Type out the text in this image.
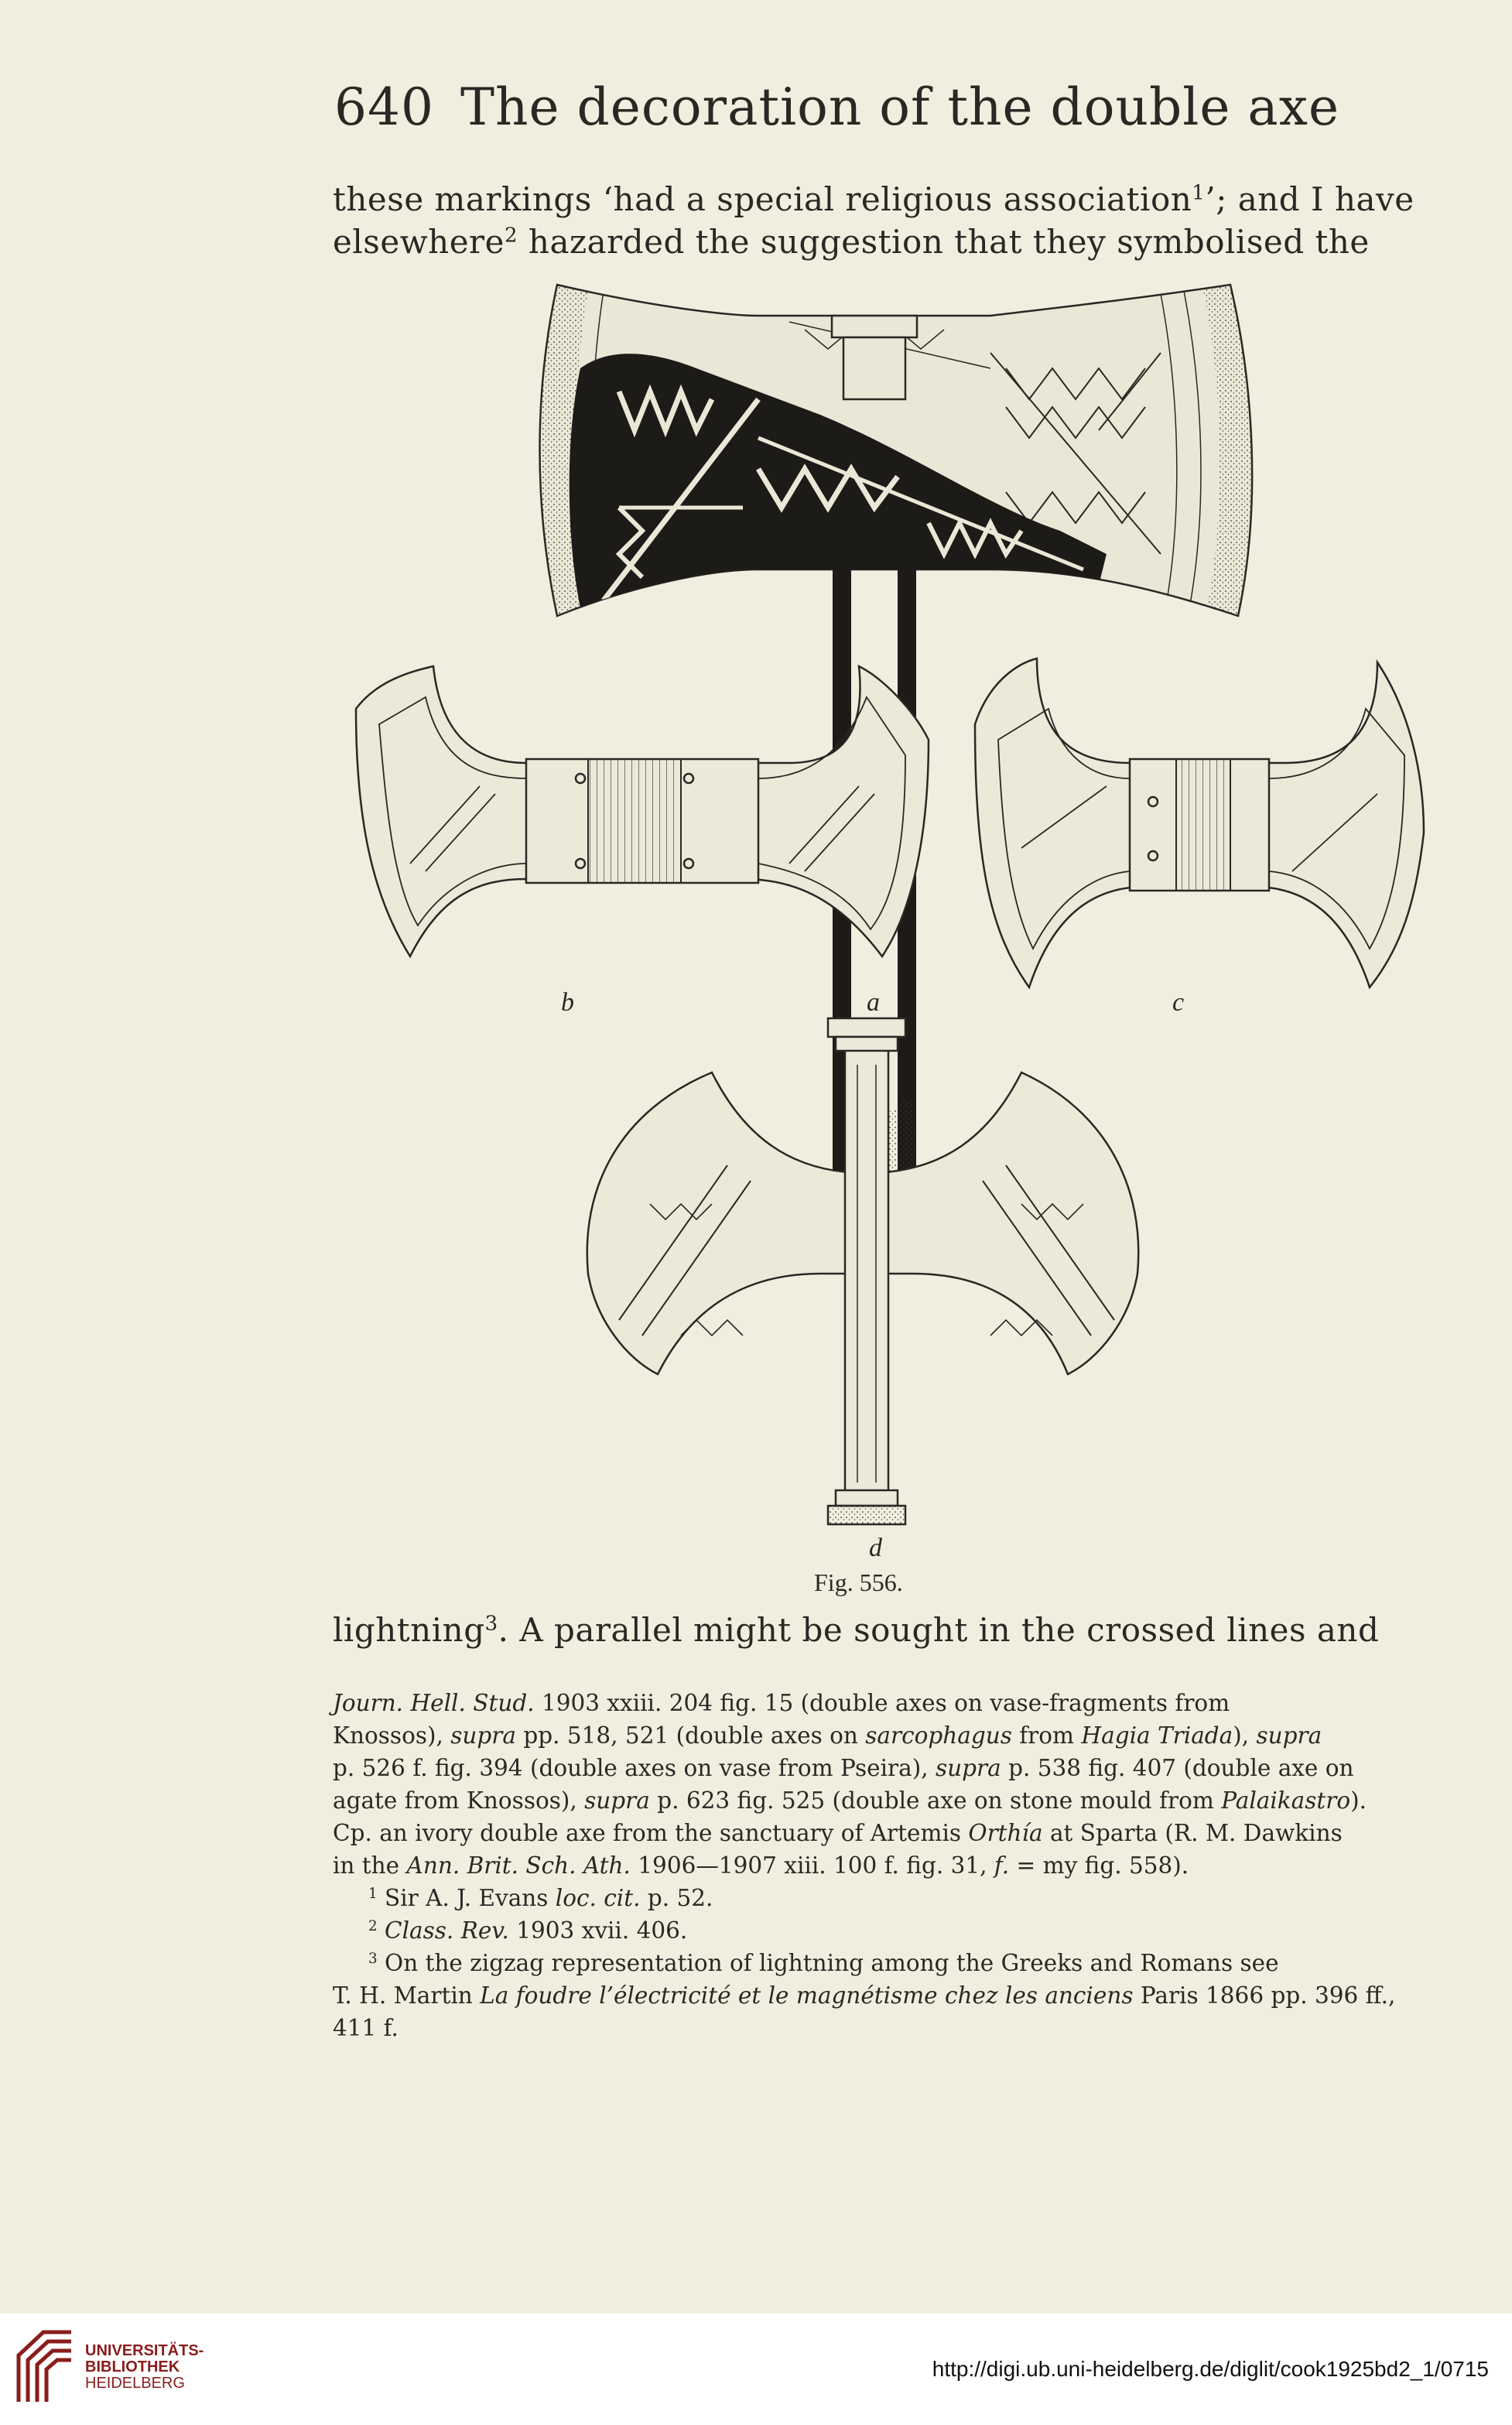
640 The decoration of the double axe
these markings ‘had a special religious association$^1$’; and I have
elsewhere$^2$ hazarded the suggestion that they symbolised the
b	a	c
d
Fig. 556.
lightning$^3$. A parallel might be sought in the crossed lines and
Journ. Hell. Stud. 1903 xxiii. 204 fig. 15 (double axes on vase-fragments from
Knossos), supra pp. 518, 521 (double axes on sarcophagus from Hagia Triada), supra
p. 526 f. fig. 394 (double axes on vase from Pseira), supra p. 538 fig. 407 (double axe on
agate from Knossos), supra p. 623 fig. 525 (double axe on stone mould from Palaikastro).
Cp. an ivory double axe from the sanctuary of Artemis Orthía at Sparta (R. M. Dawkins
in the Ann. Brit. Sch. Ath. 1906—1907 xiii. 100 f. fig. 31, f. = my fig. 558).
$^1$ Sir A. J. Evans loc. cit. p. 52.
$^2$ Class. Rev. 1903 xvii. 406.
$^3$ On the zigzag representation of lightning among the Greeks and Romans see
T. H. Martin La foudre l’électricité et le magnétisme chez les anciens Paris 1866 pp. 396 ff.,
411 f.
UNIVERSITÄTS-
BIBLIOTHEK
HEIDELBERG
http://digi.ub.uni-heidelberg.de/diglit/cook1925bd2_1/0715
